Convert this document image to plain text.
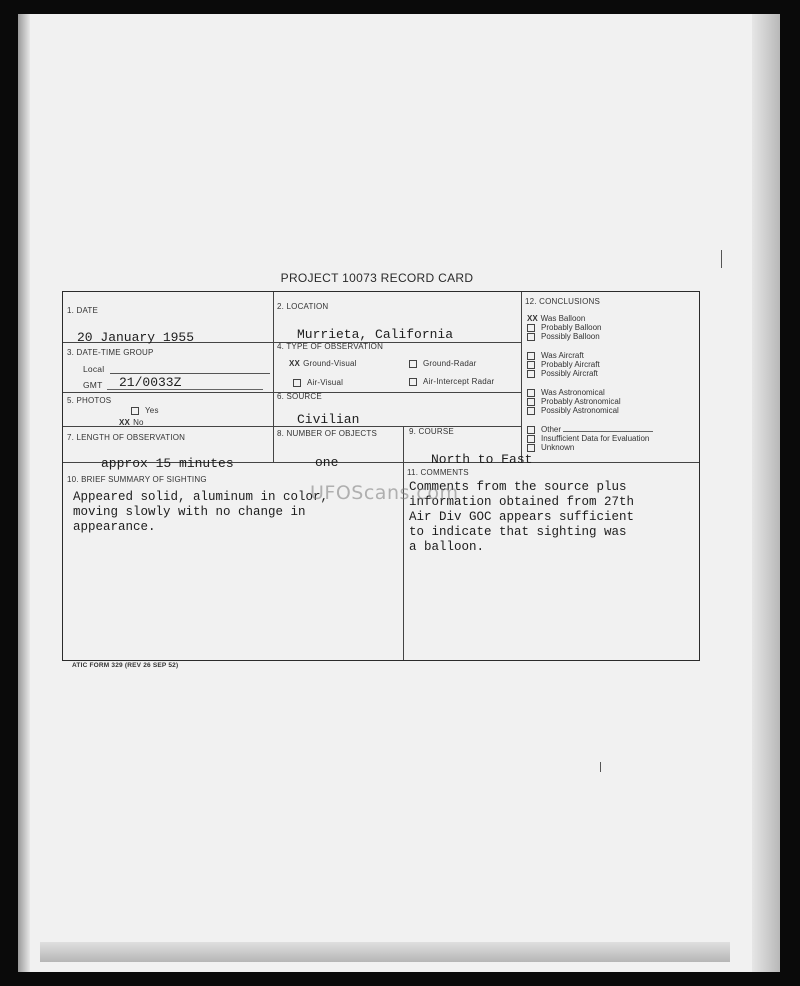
PROJECT 10073 RECORD CARD
1. DATE
20 January 1955
2. LOCATION
Murrieta, California
3. DATE-TIME GROUP
Local
GMT 21/0033Z
4. TYPE OF OBSERVATION
XX Ground-Visual	Ground-Radar
Air-Visual	Air-Intercept Radar
5. PHOTOS
Yes
XX No
6. SOURCE
Civilian
7. LENGTH OF OBSERVATION
approx 15 minutes
8. NUMBER OF OBJECTS
one
9. COURSE
North to East
10. BRIEF SUMMARY OF SIGHTING
Appeared solid, aluminum in color,
moving slowly with no change in
appearance.
11. COMMENTS
Comments from the source plus
information obtained from 27th
Air Div GOC appears sufficient
to indicate that sighting was
a balloon.
12. CONCLUSIONS
XX Was Balloon
Probably Balloon
Possibly Balloon
Was Aircraft
Probably Aircraft
Possibly Aircraft
Was Astronomical
Probably Astronomical
Possibly Astronomical
Other
Insufficient Data for Evaluation
Unknown
UFOScans.com
ATIC FORM 329 (REV 26 SEP 52)
